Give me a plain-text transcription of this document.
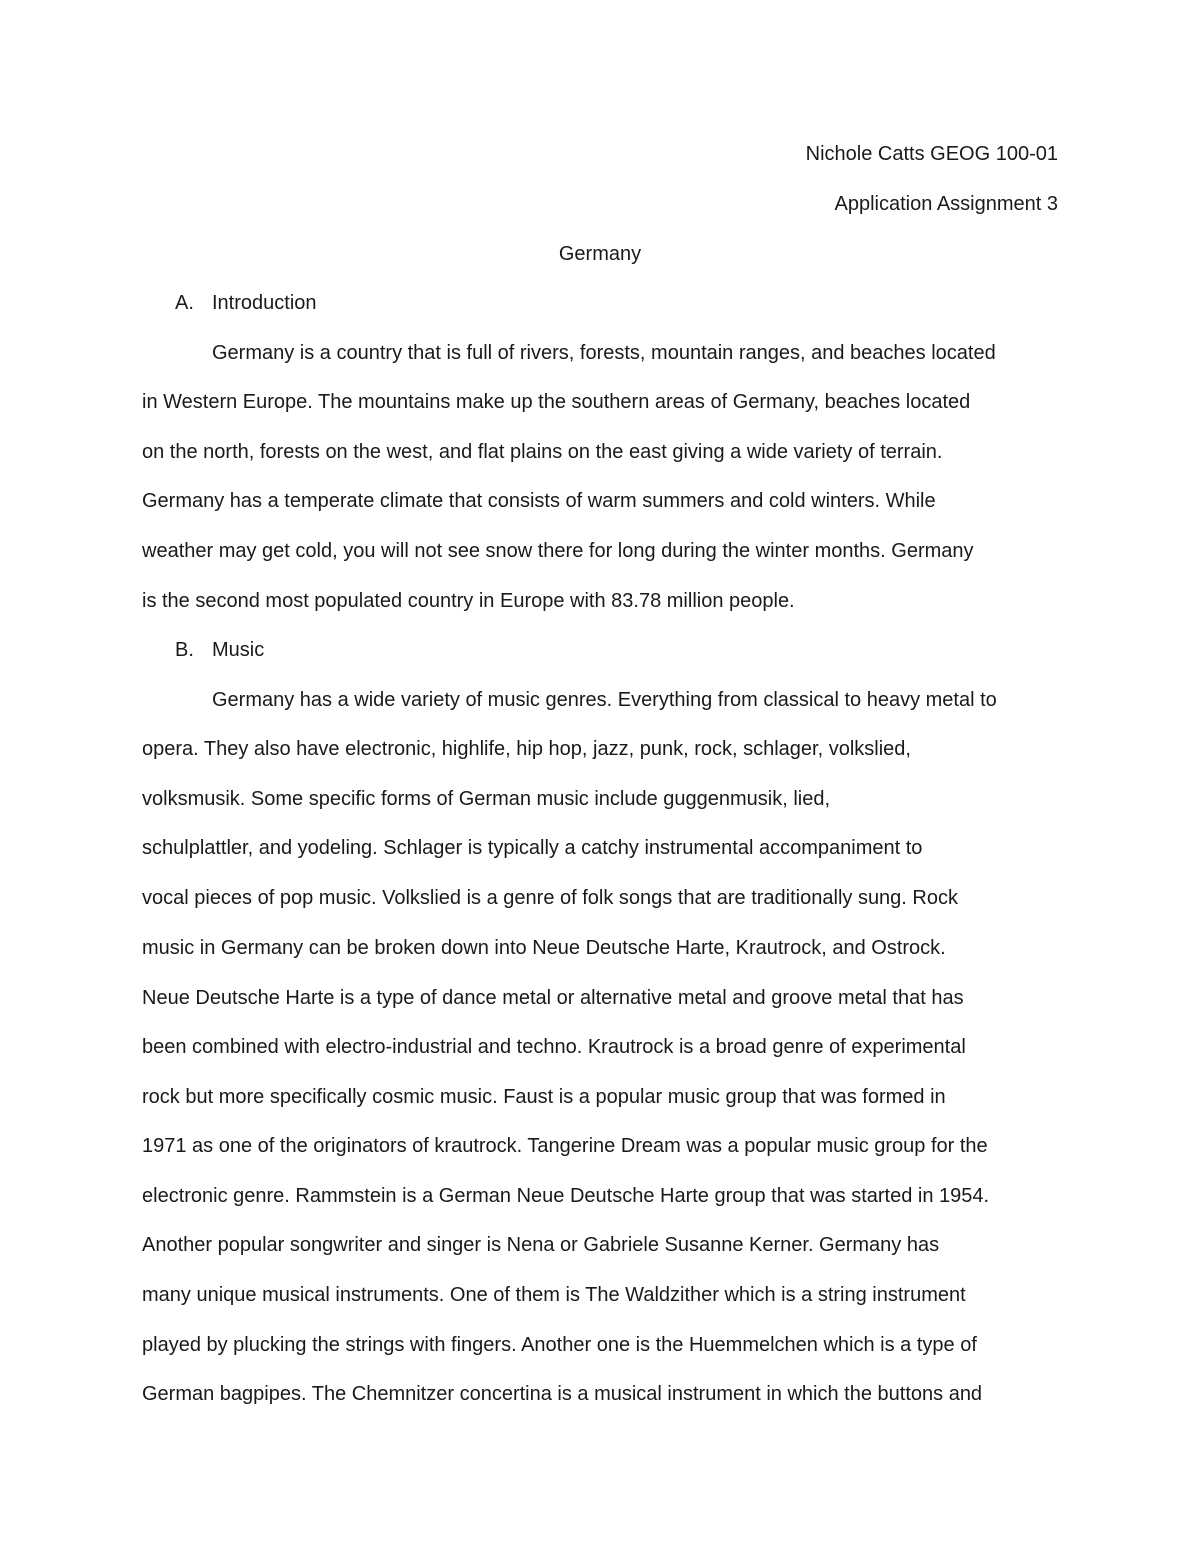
Nichole Catts GEOG 100-01

Application Assignment 3

Germany

A. Introduction

Germany is a country that is full of rivers, forests, mountain ranges, and beaches located

in Western Europe. The mountains make up the southern areas of Germany, beaches located

on the north, forests on the west, and flat plains on the east giving a wide variety of terrain.

Germany has a temperate climate that consists of warm summers and cold winters. While

weather may get cold, you will not see snow there for long during the winter months. Germany

is the second most populated country in Europe with 83.78 million people.

B. Music

Germany has a wide variety of music genres. Everything from classical to heavy metal to

opera. They also have electronic, highlife, hip hop, jazz, punk, rock, schlager, volkslied,

volksmusik. Some specific forms of German music include guggenmusik, lied,

schulplattler, and yodeling. Schlager is typically a catchy instrumental accompaniment to

vocal pieces of pop music. Volkslied is a genre of folk songs that are traditionally sung. Rock

music in Germany can be broken down into Neue Deutsche Harte, Krautrock, and Ostrock.

Neue Deutsche Harte is a type of dance metal or alternative metal and groove metal that has

been combined with electro-industrial and techno. Krautrock is a broad genre of experimental

rock but more specifically cosmic music. Faust is a popular music group that was formed in

1971 as one of the originators of krautrock. Tangerine Dream was a popular music group for the

electronic genre. Rammstein is a German Neue Deutsche Harte group that was started in 1954.

Another popular songwriter and singer is Nena or Gabriele Susanne Kerner. Germany has

many unique musical instruments. One of them is The Waldzither which is a string instrument

played by plucking the strings with fingers. Another one is the Huemmelchen which is a type of

German bagpipes. The Chemnitzer concertina is a musical instrument in which the buttons and
